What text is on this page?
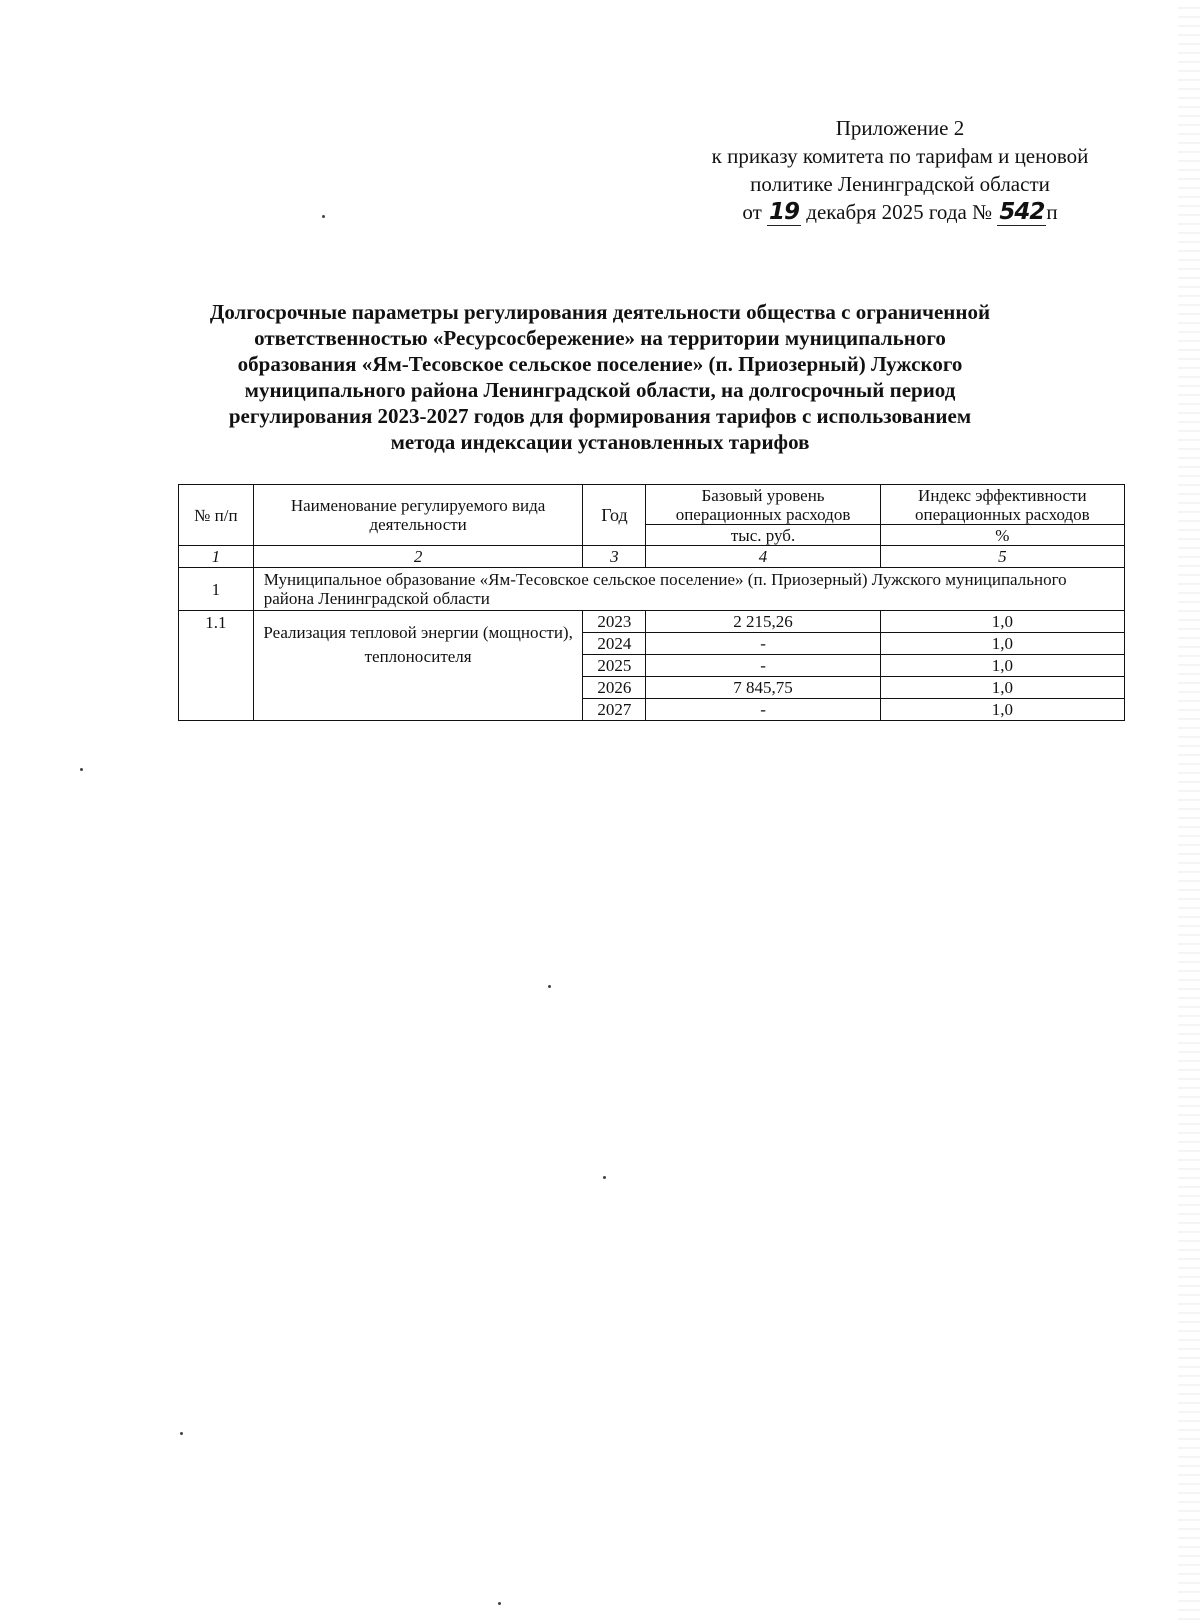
Приложение 2
к приказу комитета по тарифам и ценовой
политике Ленинградской области
от 19 декабря 2025 года № 542п
Долгосрочные параметры регулирования деятельности общества с ограниченной
ответственностью «Ресурсосбережение» на территории муниципального
образования «Ям-Тесовское сельское поселение» (п. Приозерный) Лужского
муниципального района Ленинградской области, на долгосрочный период
регулирования 2023-2027 годов для формирования тарифов с использованием
метода индексации установленных тарифов
№ п/п	Наименование регулируемого вида деятельности	Год	Базовый уровень операционных расходов	Индекс эффективности операционных расходов
			тыс. руб.	%
1	2	3	4	5
1	Муниципальное образование «Ям-Тесовское сельское поселение» (п. Приозерный) Лужского муниципального района Ленинградской области			
1.1	Реализация тепловой энергии (мощности), теплоносителя	2023	2 215,26	1,0
		2024	-	1,0
		2025	-	1,0
		2026	7 845,75	1,0
		2027	-	1,0
